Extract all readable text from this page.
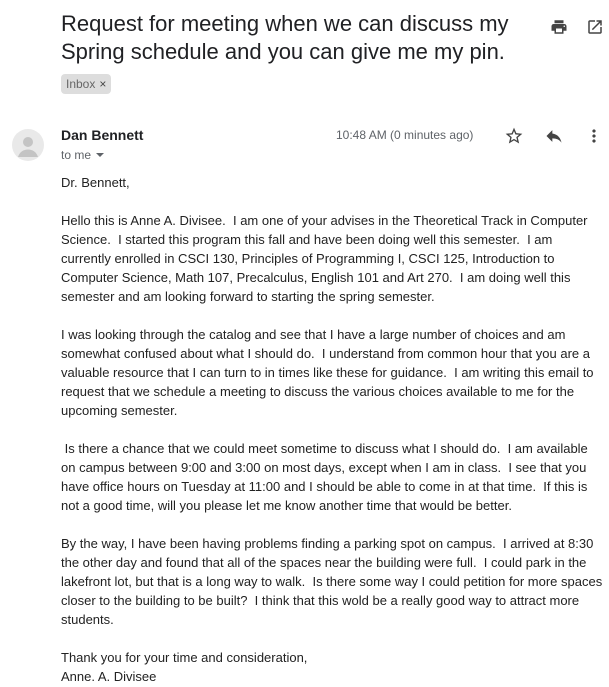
Request for meeting when we can discuss my Spring schedule and you can give me my pin.
Inbox ×
Dan Bennett
to me
10:48 AM (0 minutes ago)

Dr. Bennett,

Hello this is Anne A. Divisee.  I am one of your advises in the Theoretical Track in Computer Science.  I started this program this fall and have been doing well this semester.  I am currently enrolled in CSCI 130, Principles of Programming I, CSCI 125, Introduction to Computer Science, Math 107, Precalculus, English 101 and Art 270.  I am doing well this semester and am looking forward to starting the spring semester.

I was looking through the catalog and see that I have a large number of choices and am somewhat confused about what I should do.  I understand from common hour that you are a valuable resource that I can turn to in times like these for guidance.  I am writing this email to request that we schedule a meeting to discuss the various choices available to me for the upcoming semester.

Is there a chance that we could meet sometime to discuss what I should do.  I am available on campus between 9:00 and 3:00 on most days, except when I am in class.  I see that you have office hours on Tuesday at 11:00 and I should be able to come in at that time.  If this is not a good time, will you please let me know another time that would be better.

By the way, I have been having problems finding a parking spot on campus.  I arrived at 8:30 the other day and found that all of the spaces near the building were full.  I could park in the lakefront lot, but that is a long way to walk.  Is there some way I could petition for more spaces closer to the building to be built?  I think that this wold be a really good way to attract more students.

Thank you for your time and consideration,

Anne. A. Divisee
